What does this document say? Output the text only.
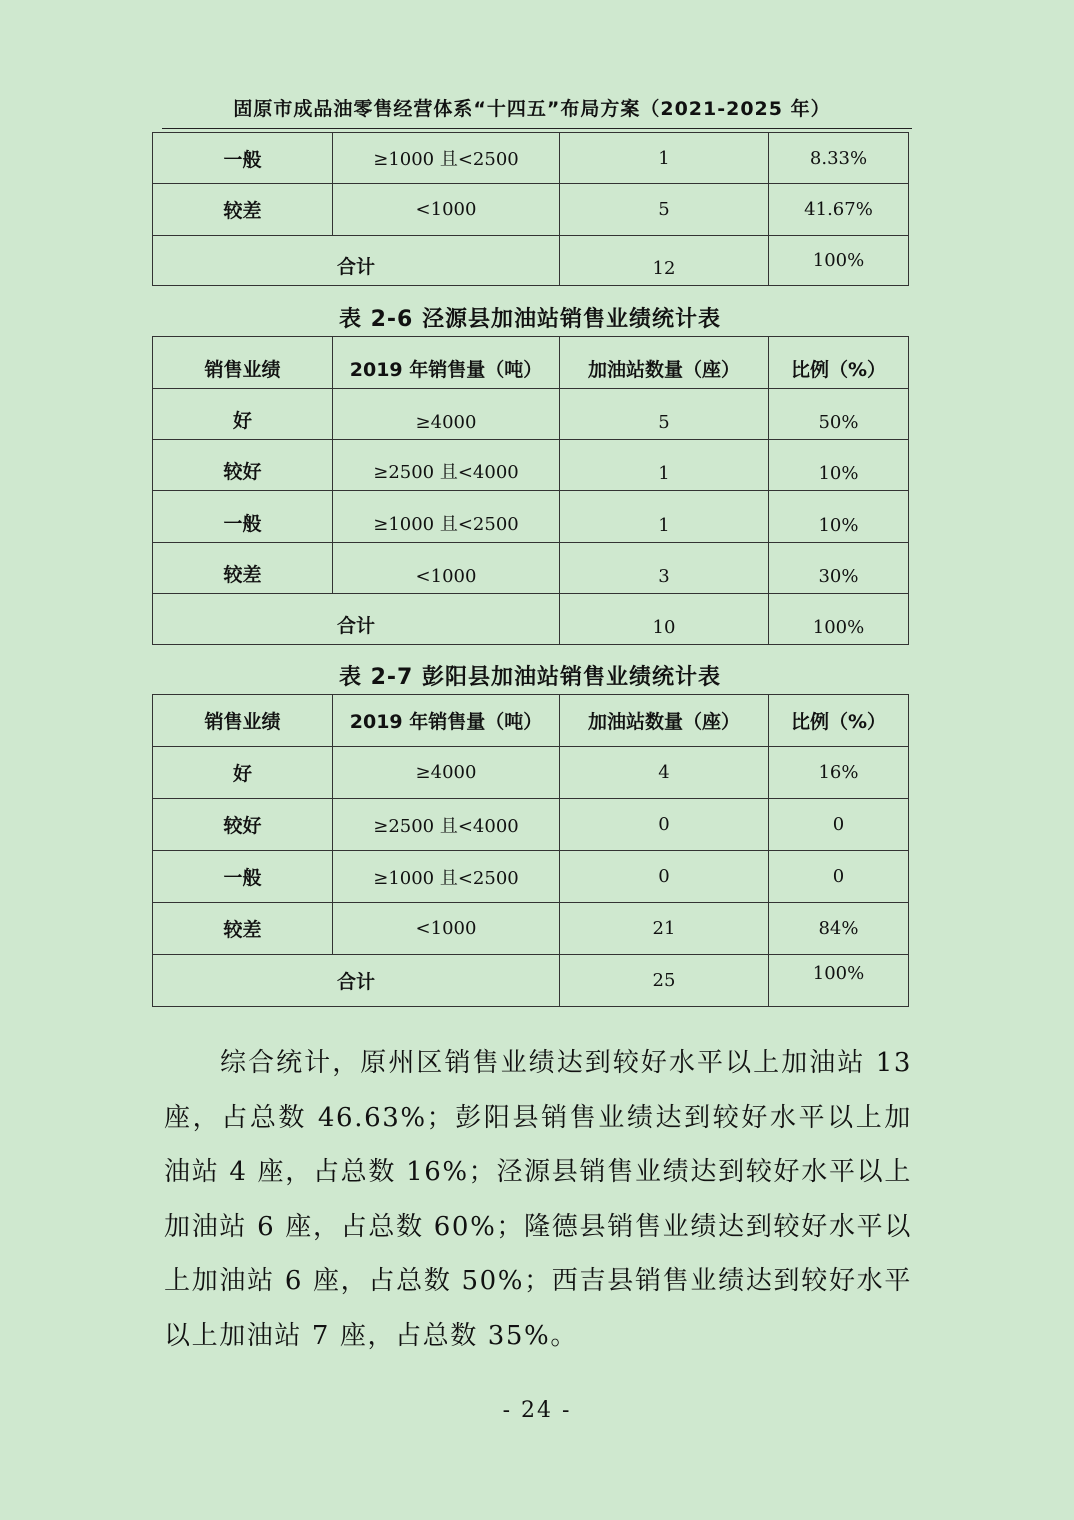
固原市成品油零售经营体系“十四五”布局方案（2021-2025 年）
一般	≥1000 且<2500	1	8.33%
较差	<1000	5	41.67%
合计		12	100%
表 2-6 泾源县加油站销售业绩统计表
销售业绩	2019 年销售量（吨）	加油站数量（座）	比例（%）
好	≥4000	5	50%
较好	≥2500 且<4000	1	10%
一般	≥1000 且<2500	1	10%
较差	<1000	3	30%
合计		10	100%
表 2-7 彭阳县加油站销售业绩统计表
销售业绩	2019 年销售量（吨）	加油站数量（座）	比例（%）
好	≥4000	4	16%
较好	≥2500 且<4000	0	0
一般	≥1000 且<2500	0	0
较差	<1000	21	84%
合计		25	100%

综合统计，原州区销售业绩达到较好水平以上加油站 13 座，占总数 46.63%；彭阳县销售业绩达到较好水平以上加油站 4 座，占总数 16%；泾源县销售业绩达到较好水平以上加油站 6 座，占总数 60%；隆德县销售业绩达到较好水平以上加油站 6 座，占总数 50%；西吉县销售业绩达到较好水平以上加油站 7 座，占总数 35%。

- 24 -
